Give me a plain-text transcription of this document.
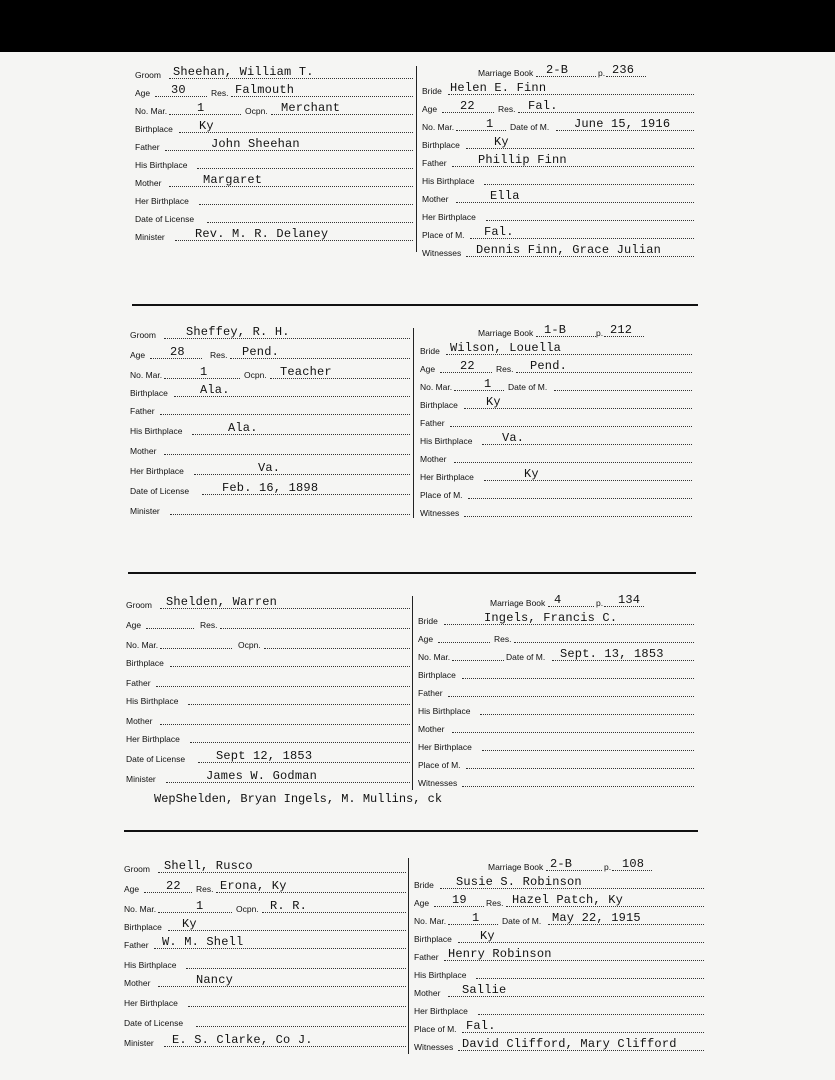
Groom Sheehan, William T.
Age 30	Res. Falmouth
No. Mar. 1	Ocpn. Merchant
Birthplace Ky
Father	John Sheehan
His Birthplace
Mother	Margaret
Her Birthplace
Date of License
Minister	Rev. M. R. Delaney
Marriage Book 2-B	p. 236
Bride Helen E. Finn
Age 22	Res. Fal.
No. Mar.	1 Date of M. June 15, 1916
Birthplace	Ky
Father	Phillip Finn
His Birthplace
Mother	Ella
Her Birthplace
Place of M. Fal.
Witnesses Dennis Finn, Grace Julian
Groom	Sheffey, R. H.
Age 28	Res. Pend.
No. Mar.	1	Ocpn. Teacher
Birthplace	Ala.
Father
His Birthplace	Ala.
Mother
Her Birthplace	Va.
Date of License	Feb. 16, 1898
Minister
Marriage Book 1-B	p. 212
Bride Wilson, Louella
Age 22 Res. Pend.
No. Mar.	1 Date of M.
Birthplace Ky
Father
His Birthplace Va.
Mother
Her Birthplace	Ky
Place of M.
Witnesses
Groom Shelden, Warren
Age	Res.
No. Mar.	Ocpn.
Birthplace
Father
His Birthplace
Mother
Her Birthplace
Date of License	Sept 12, 1853
Minister	James W. Godman
Marriage Book 4	p. 134
Bride	Ingels, Francis C.
Age	Res.
No. Mar.	Date of M. Sept. 13, 1853
Birthplace
Father
His Birthplace
Mother
Her Birthplace
Place of M.
Witnesses
WepShelden, Bryan Ingels, M. Mullins, ck
Groom Shell, Rusco
Age 22 Res. Erona, Ky
No. Mar.	1	Ocpn. R. R.
Birthplace Ky
Father W. M. Shell
His Birthplace
Mother	Nancy
Her Birthplace
Date of License
Minister E. S. Clarke, Co J.
Marriage Book 2-B	p. 108
Bride Susie S. Robinson
Age 19 Res. Hazel Patch, Ky
No. Mar. 1	Date of M. May 22, 1915
Birthplace Ky
Father Henry Robinson
His Birthplace
Mother Sallie
Her Birthplace
Place of M. Fal.
Witnesses David Clifford, Mary Clifford
